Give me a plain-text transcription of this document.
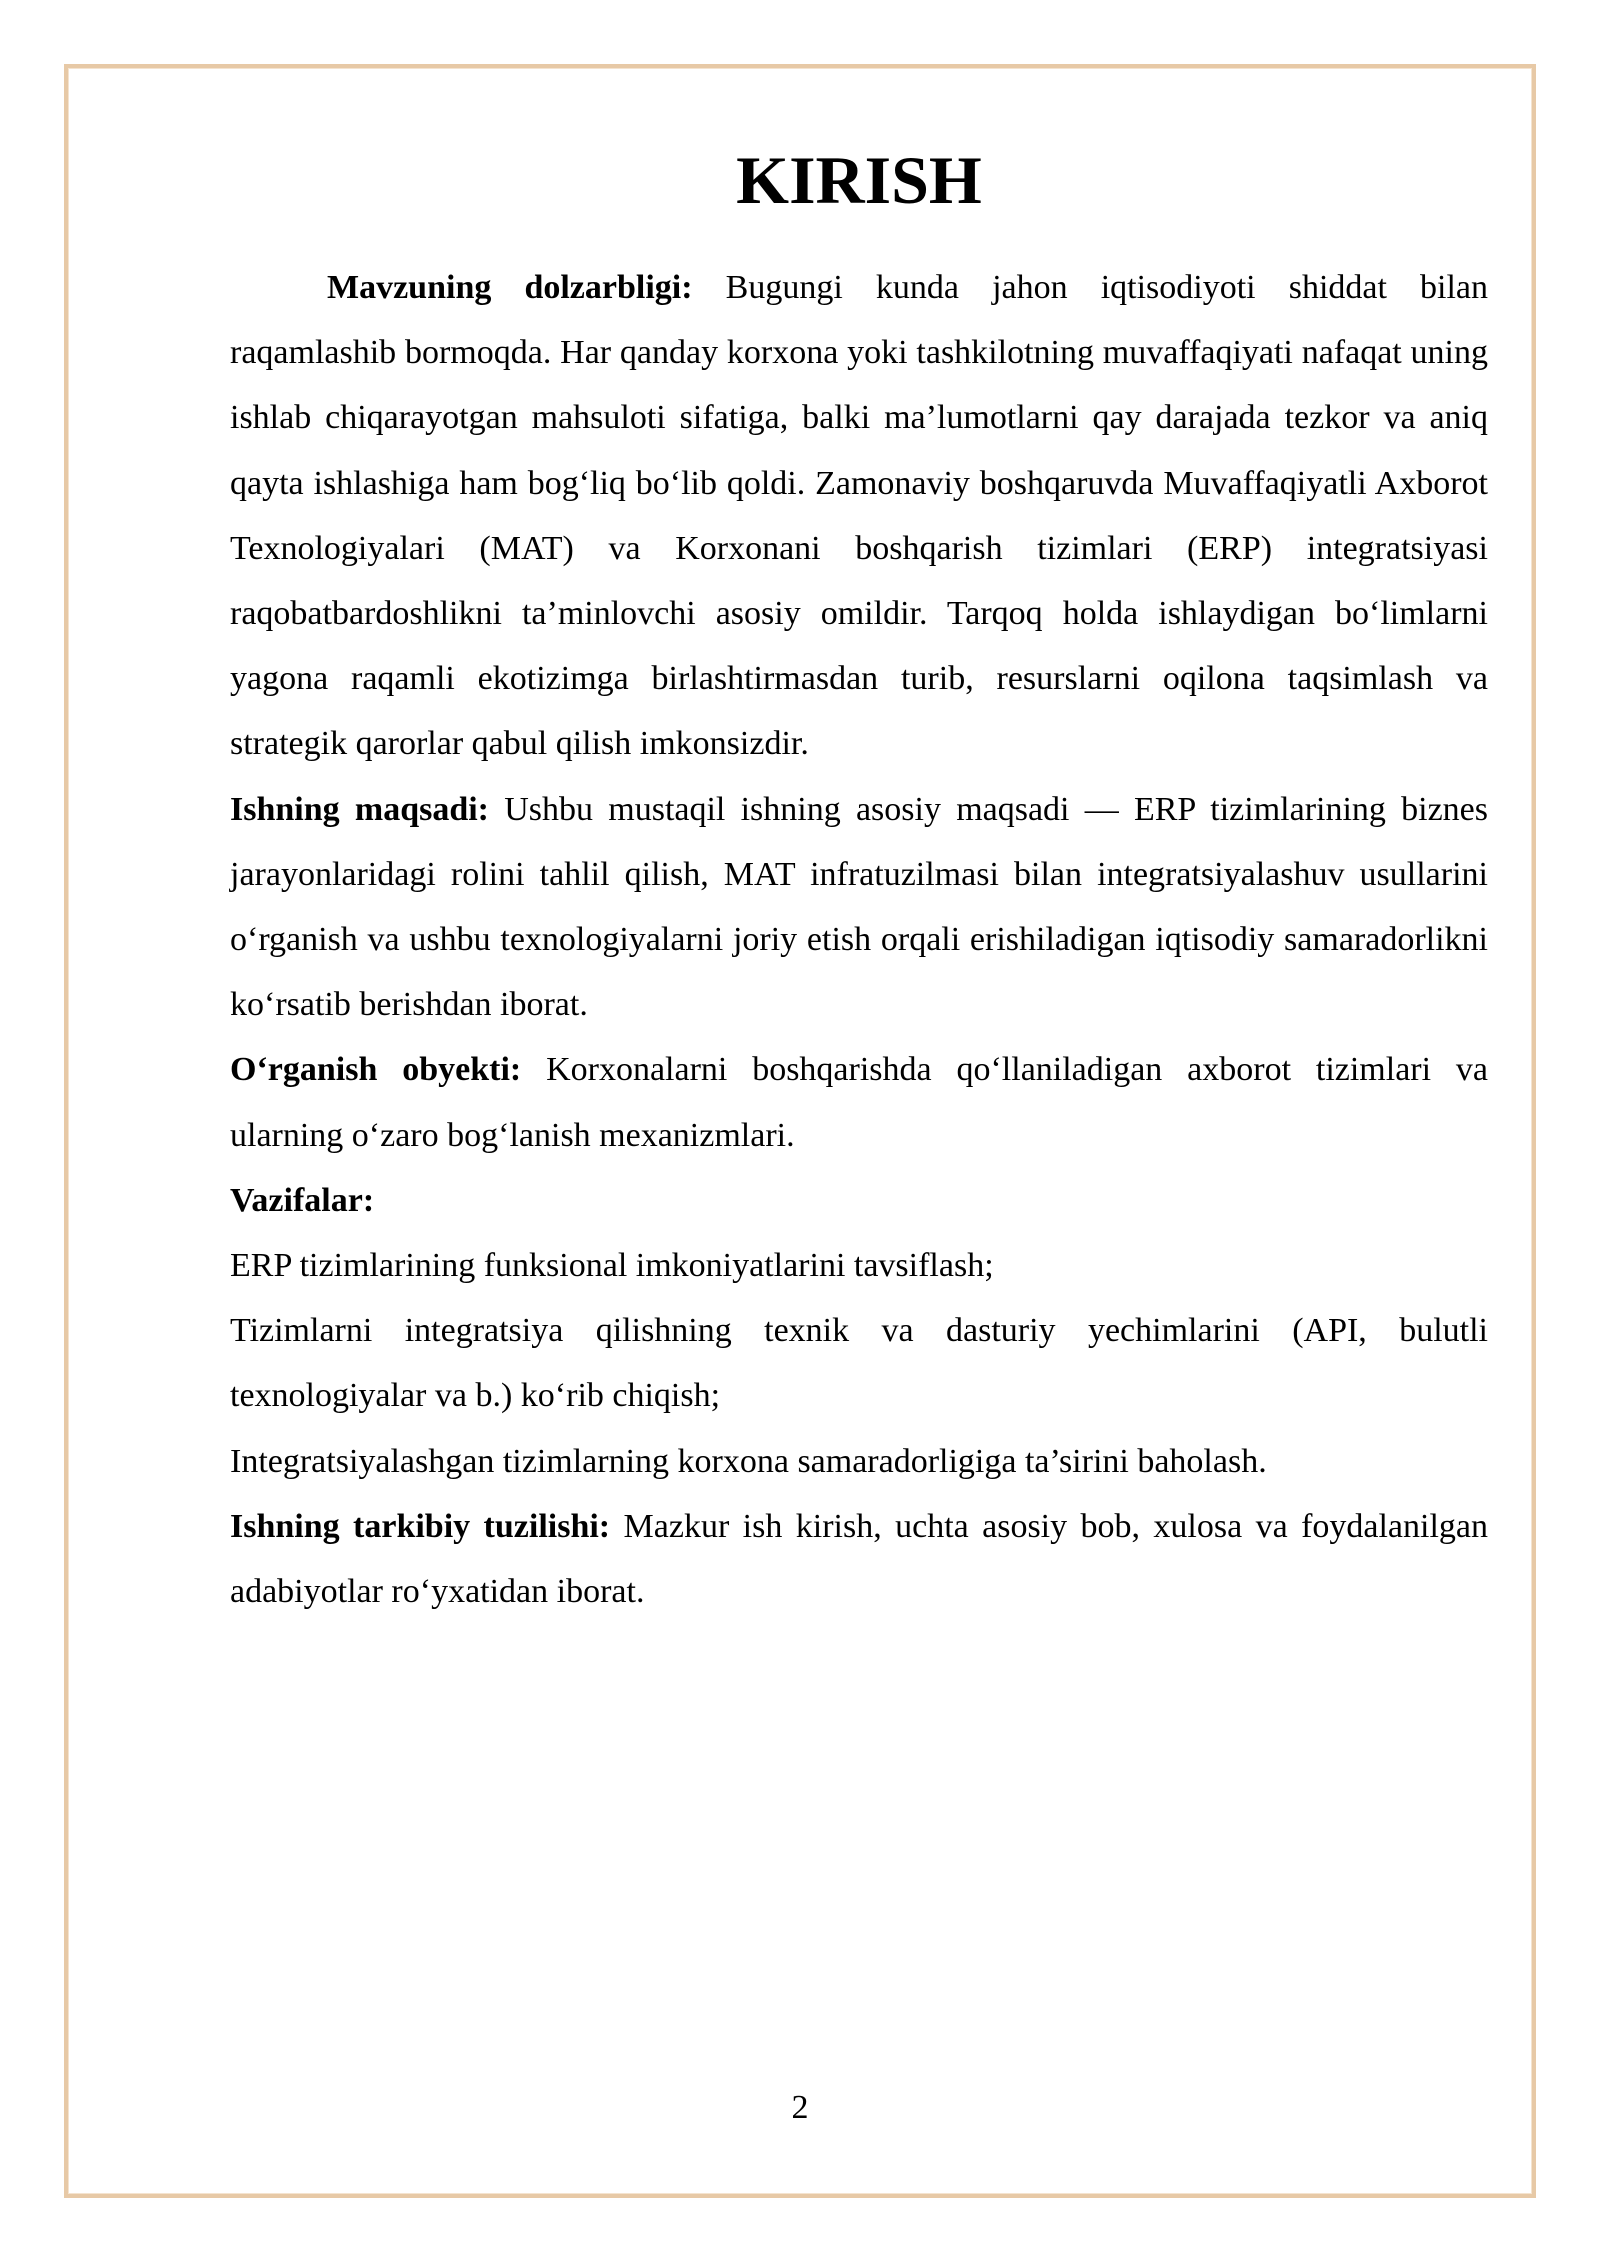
KIRISH

Mavzuning dolzarbligi: Bugungi kunda jahon iqtisodiyoti shiddat bilan raqamlashib bormoqda. Har qanday korxona yoki tashkilotning muvaffaqiyati nafaqat uning ishlab chiqarayotgan mahsuloti sifatiga, balki ma’lumotlarni qay darajada tezkor va aniq qayta ishlashiga ham bog‘liq bo‘lib qoldi. Zamonaviy boshqaruvda Muvaffaqiyatli Axborot Texnologiyalari (MAT) va Korxonani boshqarish tizimlari (ERP) integratsiyasi raqobatbardoshlikni ta’minlovchi asosiy omildir. Tarqoq holda ishlaydigan bo‘limlarni yagona raqamli ekotizimga birlashtirmasdan turib, resurslarni oqilona taqsimlash va strategik qarorlar qabul qilish imkonsizdir.

Ishning maqsadi: Ushbu mustaqil ishning asosiy maqsadi — ERP tizimlarining biznes jarayonlaridagi rolini tahlil qilish, MAT infratuzilmasi bilan integratsiyalashuv usullarini o‘rganish va ushbu texnologiyalarni joriy etish orqali erishiladigan iqtisodiy samaradorlikni ko‘rsatib berishdan iborat.

O‘rganish obyekti: Korxonalarni boshqarishda qo‘llaniladigan axborot tizimlari va ularning o‘zaro bog‘lanish mexanizmlari.

Vazifalar:

ERP tizimlarining funksional imkoniyatlarini tavsiflash;

Tizimlarni integratsiya qilishning texnik va dasturiy yechimlarini (API, bulutli texnologiyalar va b.) ko‘rib chiqish;

Integratsiyalashgan tizimlarning korxona samaradorligiga ta’sirini baholash.

Ishning tarkibiy tuzilishi: Mazkur ish kirish, uchta asosiy bob, xulosa va foydalanilgan adabiyotlar ro‘yxatidan iborat.

2
